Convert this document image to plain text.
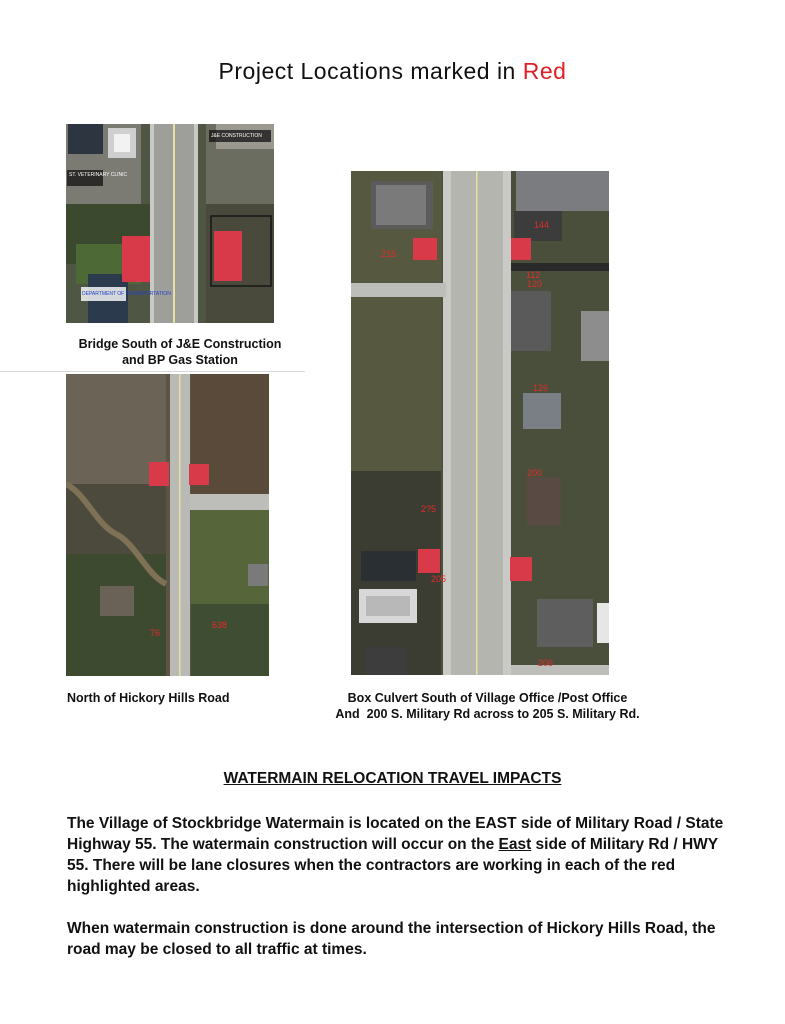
Project Locations marked in Red
ST. VETERINARY CLINIC
J&E CONSTRUCTION
DEPARTMENT OF TRANSPORTATION
Bridge South of J&E Construction
and BP Gas Station
76
638
North of Hickory Hills Road
144
215
112
120
126
200
2?5
205
206
Box Culvert South of Village Office /Post Office
And  200 S. Military Rd across to 205 S. Military Rd.
WATERMAIN RELOCATION TRAVEL IMPACTS
The Village of Stockbridge Watermain is located on the EAST side of Military Road / State Highway 55. The watermain construction will occur on the East side of Military Rd / HWY 55. There will be lane closures when the contractors are working in each of the red highlighted areas.
When watermain construction is done around the intersection of Hickory Hills Road, the road may be closed to all traffic at times.
